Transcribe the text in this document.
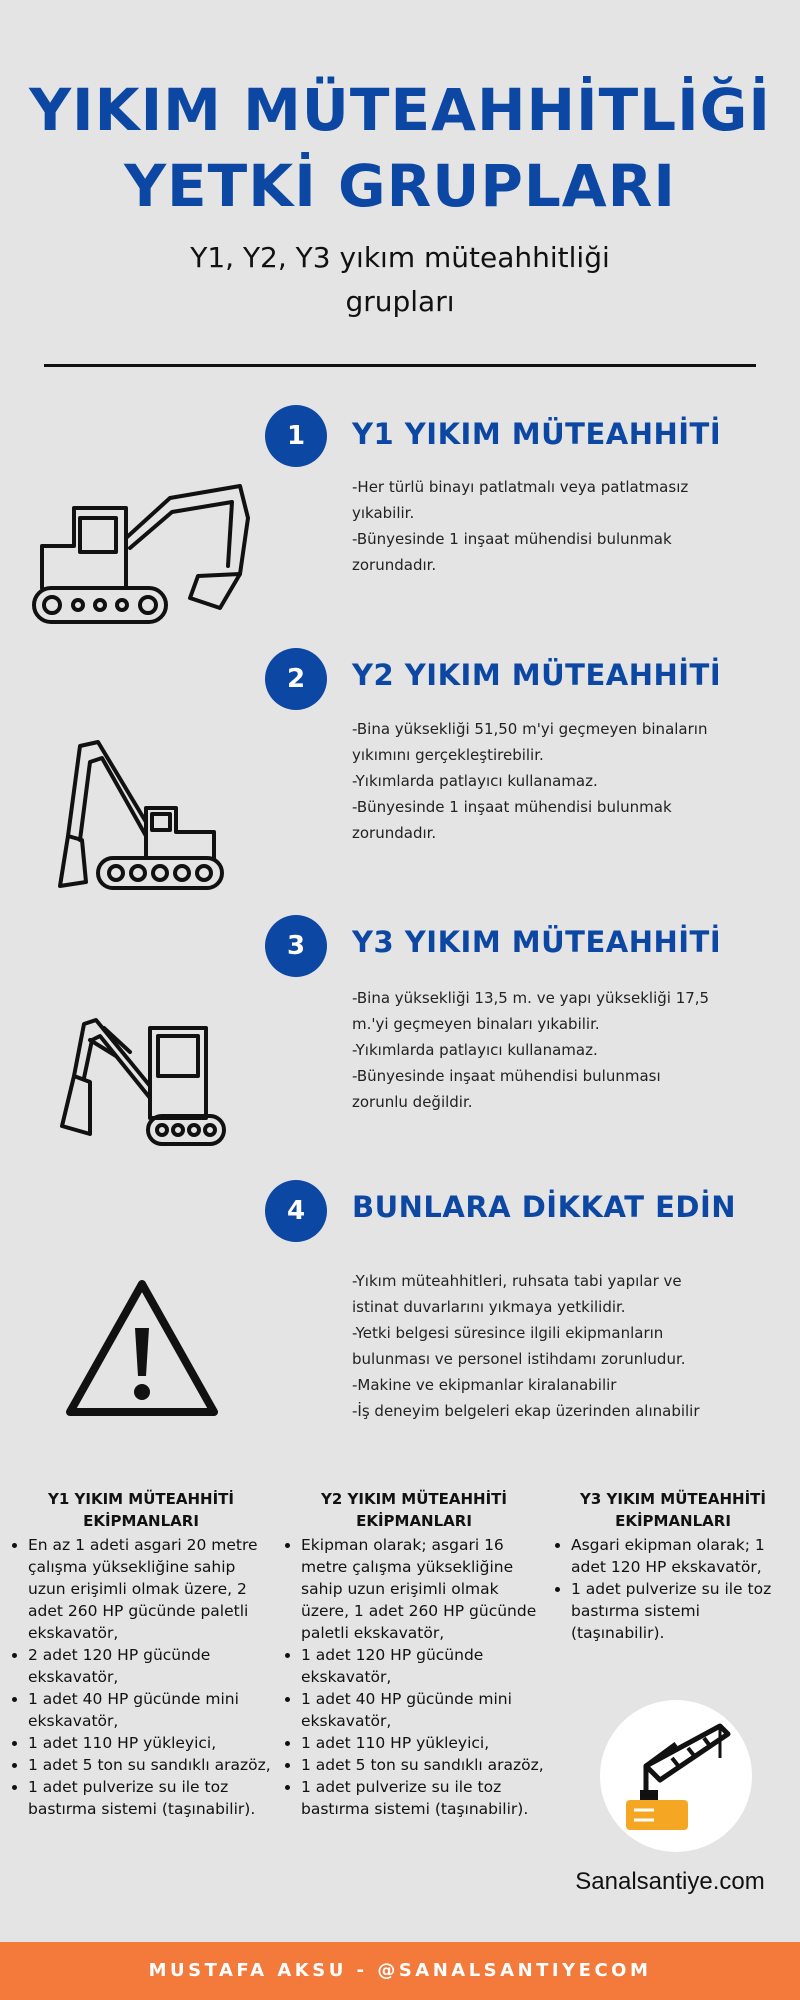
YIKIM MÜTEAHHİTLİĞİ
YETKİ GRUPLARI
Y1, Y2, Y3 yıkım müteahhitliği
grupları
1	Y1 YIKIM MÜTEAHHİTİ
-Her türlü binayı patlatmalı veya patlatmasız
yıkabilir.
-Bünyesinde 1 inşaat mühendisi bulunmak
zorundadır.
2	Y2 YIKIM MÜTEAHHİTİ
-Bina yüksekliği 51,50 m'yi geçmeyen binaların
yıkımını gerçekleştirebilir.
-Yıkımlarda patlayıcı kullanamaz.
-Bünyesinde 1 inşaat mühendisi bulunmak
zorundadır.
3	Y3 YIKIM MÜTEAHHİTİ
-Bina yüksekliği 13,5 m. ve yapı yüksekliği 17,5
m.'yi geçmeyen binaları yıkabilir.
-Yıkımlarda patlayıcı kullanamaz.
-Bünyesinde inşaat mühendisi bulunması
zorunlu değildir.
4	BUNLARA DİKKAT EDİN
-Yıkım müteahhitleri, ruhsata tabi yapılar ve
istinat duvarlarını yıkmaya yetkilidir.
-Yetki belgesi süresince ilgili ekipmanların
bulunması ve personel istihdamı zorunludur.
-Makine ve ekipmanlar kiralanabilir
-İş deneyim belgeleri ekap üzerinden alınabilir
Y1 YIKIM MÜTEAHHİTİ
EKİPMANLARI
• En az 1 adeti asgari 20 metre çalışma yüksekliğine sahip uzun erişimli olmak üzere, 2 adet 260 HP gücünde paletli ekskavatör,
• 2 adet 120 HP gücünde ekskavatör,
• 1 adet 40 HP gücünde mini ekskavatör,
• 1 adet 110 HP yükleyici,
• 1 adet 5 ton su sandıklı arazöz,
• 1 adet pulverize su ile toz bastırma sistemi (taşınabilir).
Y2 YIKIM MÜTEAHHİTİ
EKİPMANLARI
• Ekipman olarak; asgari 16 metre çalışma yüksekliğine sahip uzun erişimli olmak üzere, 1 adet 260 HP gücünde paletli ekskavatör,
• 1 adet 120 HP gücünde ekskavatör,
• 1 adet 40 HP gücünde mini ekskavatör,
• 1 adet 110 HP yükleyici,
• 1 adet 5 ton su sandıklı arazöz,
• 1 adet pulverize su ile toz bastırma sistemi (taşınabilir).
Y3 YIKIM MÜTEAHHİTİ
EKİPMANLARI
• Asgari ekipman olarak; 1 adet 120 HP ekskavatör,
• 1 adet pulverize su ile toz bastırma sistemi (taşınabilir).
Sanalsantiye.com
MUSTAFA AKSU - @SANALSANTIYECOM
